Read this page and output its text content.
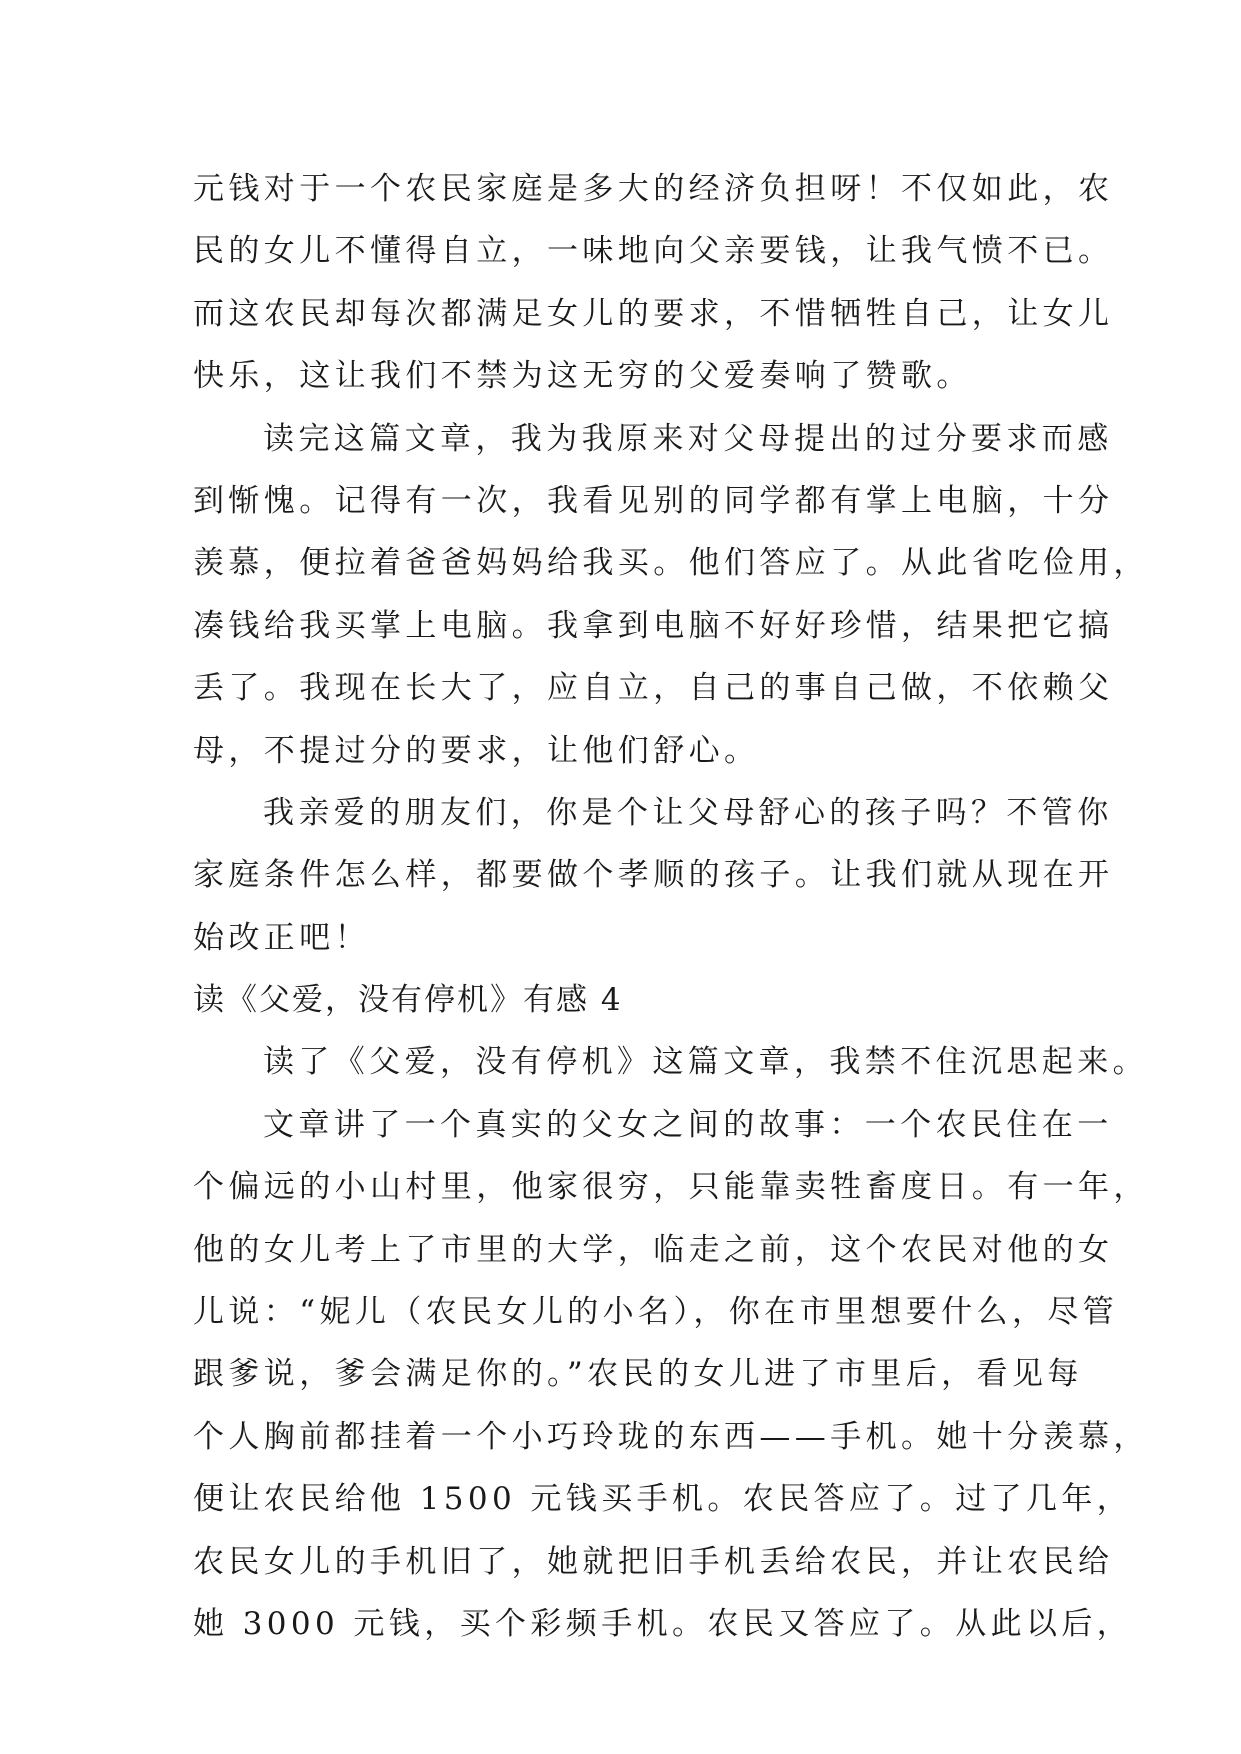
元钱对于一个农民家庭是多大的经济负担呀！不仅如此，农
民的女儿不懂得自立，一味地向父亲要钱，让我气愤不已。
而这农民却每次都满足女儿的要求，不惜牺牲自己，让女儿
快乐，这让我们不禁为这无穷的父爱奏响了赞歌。
读完这篇文章，我为我原来对父母提出的过分要求而感
到惭愧。记得有一次，我看见别的同学都有掌上电脑，十分
羡慕，便拉着爸爸妈妈给我买。他们答应了。从此省吃俭用，
凑钱给我买掌上电脑。我拿到电脑不好好珍惜，结果把它搞
丢了。我现在长大了，应自立，自己的事自己做，不依赖父
母，不提过分的要求，让他们舒心。
我亲爱的朋友们，你是个让父母舒心的孩子吗？不管你
家庭条件怎么样，都要做个孝顺的孩子。让我们就从现在开
始改正吧！
读《父爱，没有停机》有感 4
读了《父爱，没有停机》这篇文章，我禁不住沉思起来。
文章讲了一个真实的父女之间的故事：一个农民住在一
个偏远的小山村里，他家很穷，只能靠卖牲畜度日。有一年，
他的女儿考上了市里的大学，临走之前，这个农民对他的女
儿说：“妮儿（农民女儿的小名），你在市里想要什么，尽管
跟爹说，爹会满足你的。”农民的女儿进了市里后，看见每
个人胸前都挂着一个小巧玲珑的东西——手机。她十分羡慕，
便让农民给他 1500 元钱买手机。农民答应了。过了几年，
农民女儿的手机旧了，她就把旧手机丢给农民，并让农民给
她 3000 元钱，买个彩频手机。农民又答应了。从此以后，
